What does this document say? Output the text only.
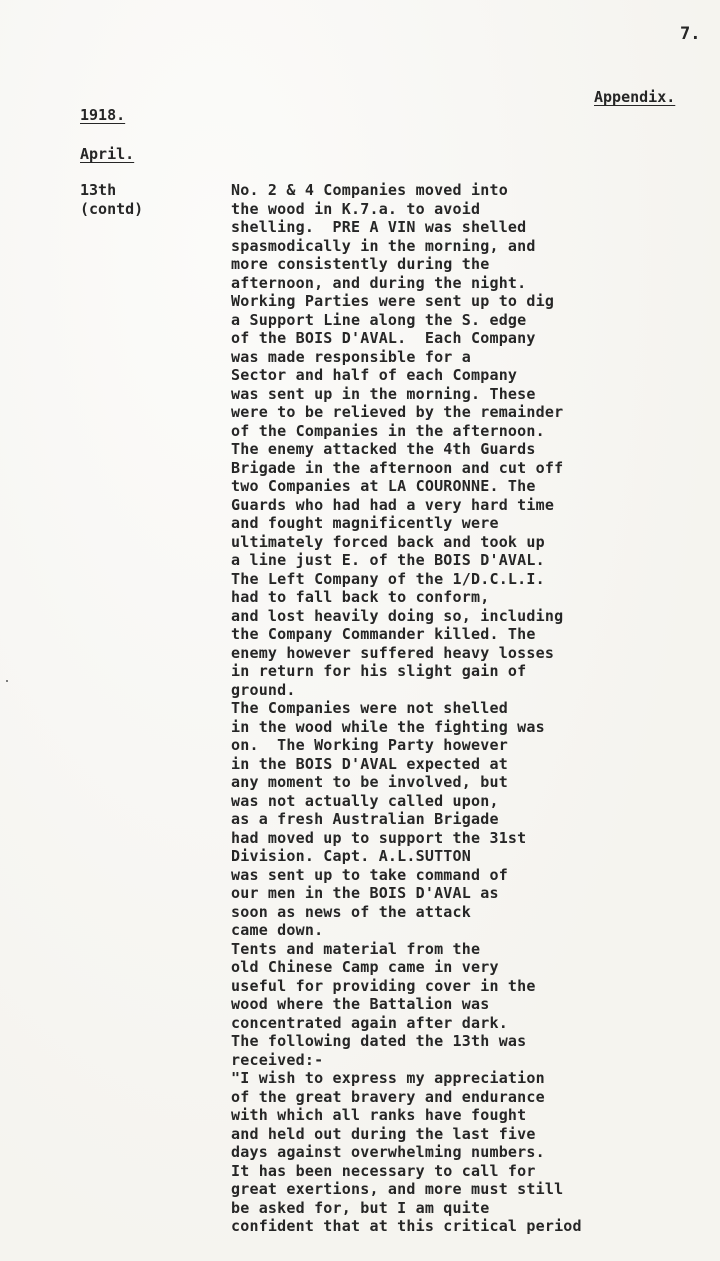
7.
Appendix.
1918.
April.
13th
(contd)
No. 2 & 4 Companies moved into
the wood in K.7.a. to avoid
shelling.  PRE A VIN was shelled
spasmodically in the morning, and
more consistently during the
afternoon, and during the night.
Working Parties were sent up to dig
a Support Line along the S. edge
of the BOIS D'AVAL.  Each Company
was made responsible for a
Sector and half of each Company
was sent up in the morning. These
were to be relieved by the remainder
of the Companies in the afternoon.
The enemy attacked the 4th Guards
Brigade in the afternoon and cut off
two Companies at LA COURONNE. The
Guards who had had a very hard time
and fought magnificently were
ultimately forced back and took up
a line just E. of the BOIS D'AVAL.
The Left Company of the 1/D.C.L.I.
had to fall back to conform,
and lost heavily doing so, including
the Company Commander killed. The
enemy however suffered heavy losses
in return for his slight gain of
ground.
The Companies were not shelled
in the wood while the fighting was
on.  The Working Party however
in the BOIS D'AVAL expected at
any moment to be involved, but
was not actually called upon,
as a fresh Australian Brigade
had moved up to support the 31st
Division. Capt. A.L.SUTTON
was sent up to take command of
our men in the BOIS D'AVAL as
soon as news of the attack
came down.
Tents and material from the
old Chinese Camp came in very
useful for providing cover in the
wood where the Battalion was
concentrated again after dark.
The following dated the 13th was
received:-
"I wish to express my appreciation
of the great bravery and endurance
with which all ranks have fought
and held out during the last five
days against overwhelming numbers.
It has been necessary to call for
great exertions, and more must still
be asked for, but I am quite
confident that at this critical period
